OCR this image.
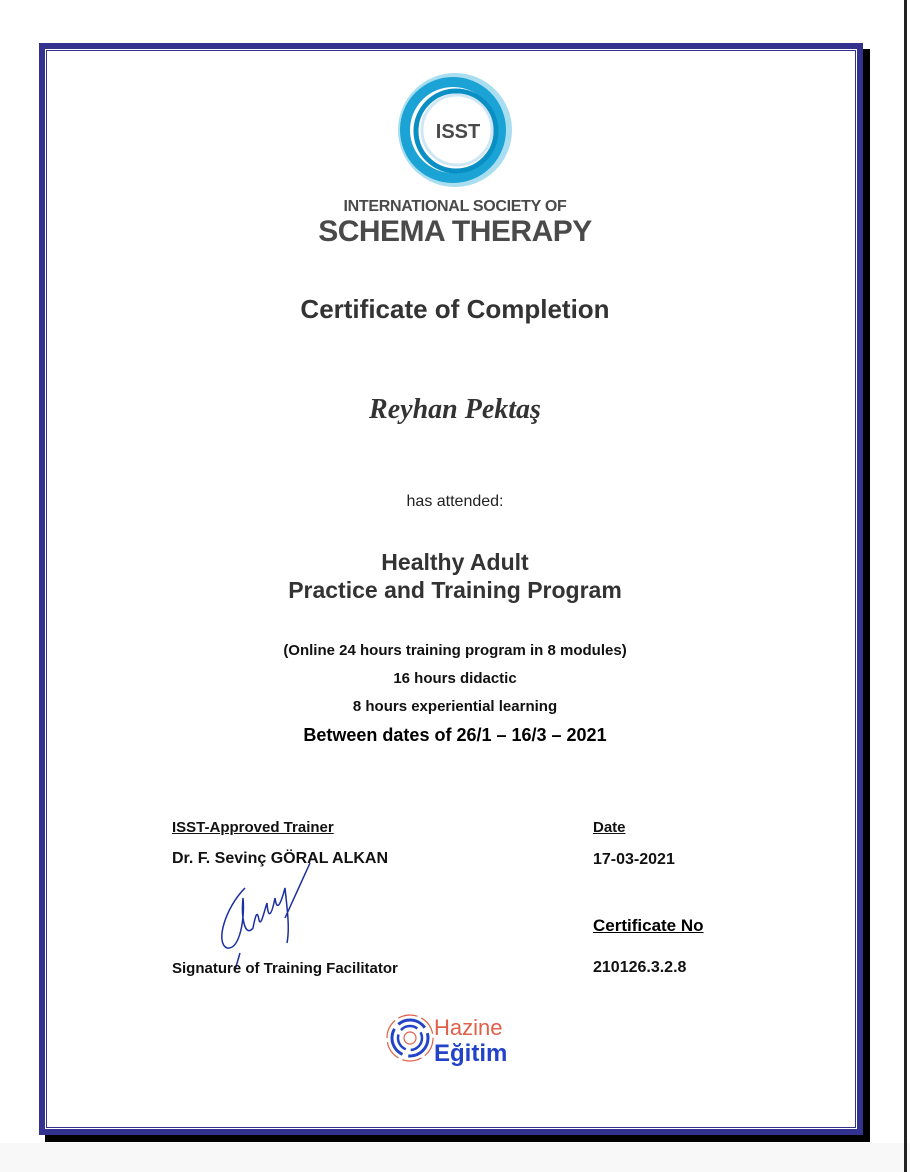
ISST
INTERNATIONAL SOCIETY OF
SCHEMA THERAPY
Certificate of Completion
Reyhan Pektaş
has attended:
Healthy Adult
Practice and Training Program
(Online 24 hours training program in 8 modules)
16 hours didactic
8 hours experiential learning
Between dates of 26/1 – 16/3 – 2021
ISST-Approved Trainer
Dr. F. Sevinç GÖRAL ALKAN
Signature of Training Facilitator
Date
17-03-2021
Certificate No
210126.3.2.8
Hazine
Eğitim
